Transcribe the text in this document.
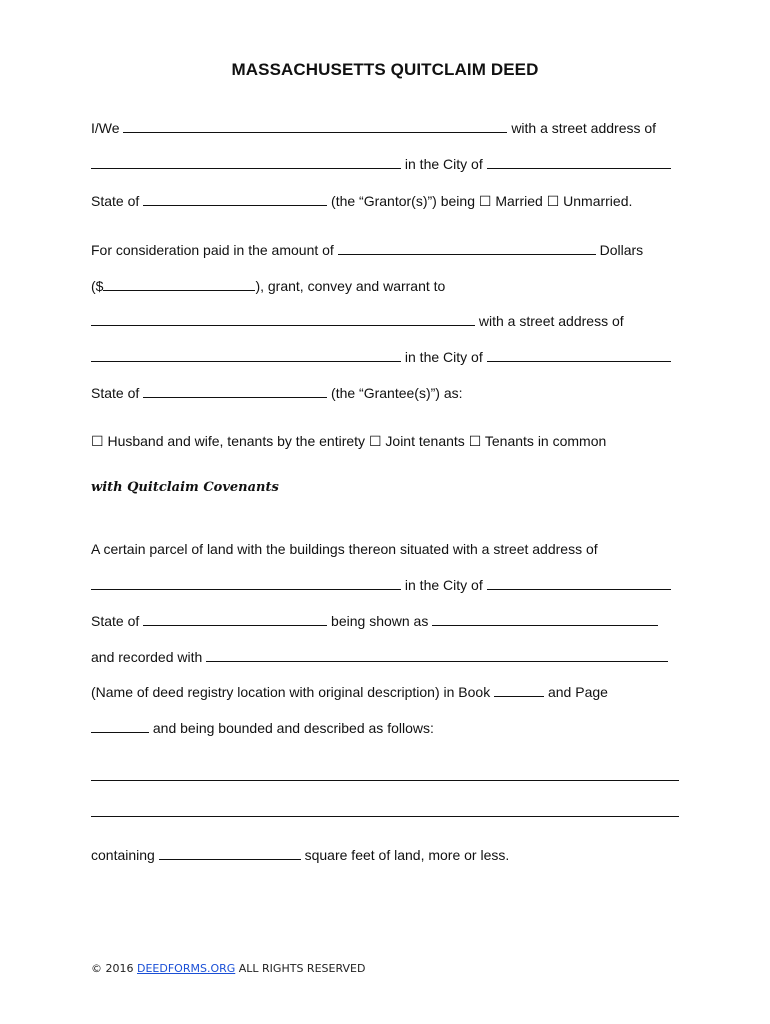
MASSACHUSETTS QUITCLAIM DEED
I/We	with a street address of
in the City of
State of	(the “Grantor(s)”) being ☐ Married ☐ Unmarried.
For consideration paid in the amount of	Dollars
($	), grant, convey and warrant to
with a street address of
in the City of
State of	(the “Grantee(s)”) as:
☐ Husband and wife, tenants by the entirety ☐ Joint tenants ☐ Tenants in common
with Quitclaim Covenants
A certain parcel of land with the buildings thereon situated with a street address of
in the City of
State of	being shown as
and recorded with
(Name of deed registry location with original description) in Book	and Page
and being bounded and described as follows:
containing	square feet of land, more or less.
© 2016 DEEDFORMS.ORG ALL RIGHTS RESERVED
